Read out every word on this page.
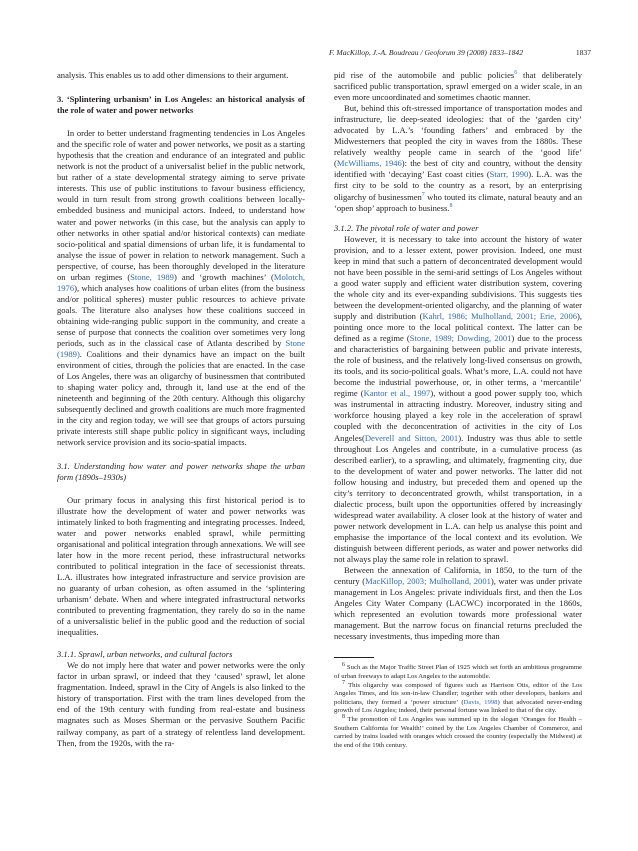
F. MacKillop, J.-A. Boudreau / Geoforum 39 (2008) 1833–1842	1837

analysis. This enables us to add other dimensions to their argument.

3. ‘Splintering urbanism’ in Los Angeles: an historical analysis of the role of water and power networks

In order to better understand fragmenting tendencies in Los Angeles and the specific role of water and power networks, we posit as a starting hypothesis that the creation and endurance of an integrated and public network is not the product of a universalist belief in the public network, but rather of a state developmental strategy aiming to serve private interests. This use of public institutions to favour business efficiency, would in turn result from strong growth coalitions between locally-embedded business and municipal actors. Indeed, to understand how water and power networks (in this case, but the analysis can apply to other networks in other spatial and/or historical contexts) can mediate socio-political and spatial dimensions of urban life, it is fundamental to analyse the issue of power in relation to network management. Such a perspective, of course, has been thoroughly developed in the literature on urban regimes (Stone, 1989) and ‘growth machines’ (Molotch, 1976), which analyses how coalitions of urban elites (from the business and/or political spheres) muster public resources to achieve private goals. The literature also analyses how these coalitions succeed in obtaining wide-ranging public support in the community, and create a sense of purpose that connects the coalition over sometimes very long periods, such as in the classical case of Atlanta described by Stone (1989). Coalitions and their dynamics have an impact on the built environment of cities, through the policies that are enacted. In the case of Los Angeles, there was an oligarchy of businessmen that contributed to shaping water policy and, through it, land use at the end of the nineteenth and beginning of the 20th century. Although this oligarchy subsequently declined and growth coalitions are much more fragmented in the city and region today, we will see that groups of actors pursuing private interests still shape public policy in significant ways, including network service provision and its socio-spatial impacts.

3.1. Understanding how water and power networks shape the urban form (1890s–1930s)

Our primary focus in analysing this first historical period is to illustrate how the development of water and power networks was intimately linked to both fragmenting and integrating processes. Indeed, water and power networks enabled sprawl, while permitting organisational and political integration through annexations. We will see later how in the more recent period, these infrastructural networks contributed to political integration in the face of secessionist threats. L.A. illustrates how integrated infrastructure and service provision are no guaranty of urban cohesion, as often assumed in the ‘splintering urbanism’ debate. When and where integrated infrastructural networks contributed to preventing fragmentation, they rarely do so in the name of a universalistic belief in the public good and the reduction of social inequalities.

3.1.1. Sprawl, urban networks, and cultural factors

We do not imply here that water and power networks were the only factor in urban sprawl, or indeed that they ‘caused’ sprawl, let alone fragmentation. Indeed, sprawl in the City of Angels is also linked to the history of transportation. First with the tram lines developed from the end of the 19th century with funding from real-estate and business magnates such as Moses Sherman or the pervasive Southern Pacific railway company, as part of a strategy of relentless land development. Then, from the 1920s, with the ra-

pid rise of the automobile and public policies$^6$ that deliberately sacrificed public transportation, sprawl emerged on a wider scale, in an even more uncoordinated and sometimes chaotic manner.

But, behind this oft-stressed importance of transportation modes and infrastructure, lie deep-seated ideologies: that of the ‘garden city’ advocated by L.A.’s ‘founding fathers’ and embraced by the Midwesterners that peopled the city in waves from the 1880s. These relatively wealthy people came in search of the ‘good life’ (McWilliams, 1946): the best of city and country, without the density identified with ‘decaying’ East coast cities (Starr, 1990). L.A. was the first city to be sold to the country as a resort, by an enterprising oligarchy of businessmen$^7$ who touted its climate, natural beauty and an ‘open shop’ approach to business.$^8$

3.1.2. The pivotal role of water and power

However, it is necessary to take into account the history of water provision, and to a lesser extent, power provision. Indeed, one must keep in mind that such a pattern of deconcentrated development would not have been possible in the semi-arid settings of Los Angeles without a good water supply and efficient water distribution system, covering the whole city and its ever-expanding subdivisions. This suggests ties between the development-oriented oligarchy, and the planning of water supply and distribution (Kahrl, 1986; Mulholland, 2001; Erie, 2006), pointing once more to the local political context. The latter can be defined as a regime (Stone, 1989; Dowding, 2001) due to the process and characteristics of bargaining between public and private interests, the role of business, and the relatively long-lived consensus on growth, its tools, and its socio-political goals. What’s more, L.A. could not have become the industrial powerhouse, or, in other terms, a ‘mercantile’ regime (Kantor et al., 1997), without a good power supply too, which was instrumental in attracting industry. Moreover, industry siting and workforce housing played a key role in the acceleration of sprawl coupled with the deconcentration of activities in the city of Los Angeles(Deverell and Sitton, 2001). Industry was thus able to settle throughout Los Angeles and contribute, in a cumulative process (as described earlier), to a sprawling, and ultimately, fragmenting city, due to the development of water and power networks. The latter did not follow housing and industry, but preceded them and opened up the city’s territory to deconcentrated growth, whilst transportation, in a dialectic process, built upon the opportunities offered by increasingly widespread water availability. A closer look at the history of water and power network development in L.A. can help us analyse this point and emphasise the importance of the local context and its evolution. We distinguish between different periods, as water and power networks did not always play the same role in relation to sprawl.

Between the annexation of California, in 1850, to the turn of the century (MacKillop, 2003; Mulholland, 2001), water was under private management in Los Angeles: private individuals first, and then the Los Angeles City Water Company (LACWC) incorporated in the 1860s, which represented an evolution towards more professional water management. But the narrow focus on financial returns precluded the necessary investments, thus impeding more than

$^6$ Such as the Major Traffic Street Plan of 1925 which set forth an ambitious programme of urban freeways to adapt Los Angeles to the automobile.

$^7$ This oligarchy was composed of figures such as Harrison Otis, editor of the Los Angeles Times, and his son-in-law Chandler; together with other developers, bankers and politicians, they formed a ‘power structure’ (Davis, 1998) that advocated never-ending growth of Los Angeles; indeed, their personal fortune was linked to that of the city.

$^8$ The promotion of Los Angeles was summed up in the slogan ‘Oranges for Health – Southern California for Wealth!’ coined by the Los Angeles Chamber of Commerce, and carried by trains loaded with oranges which crossed the country (especially the Midwest) at the end of the 19th century.
